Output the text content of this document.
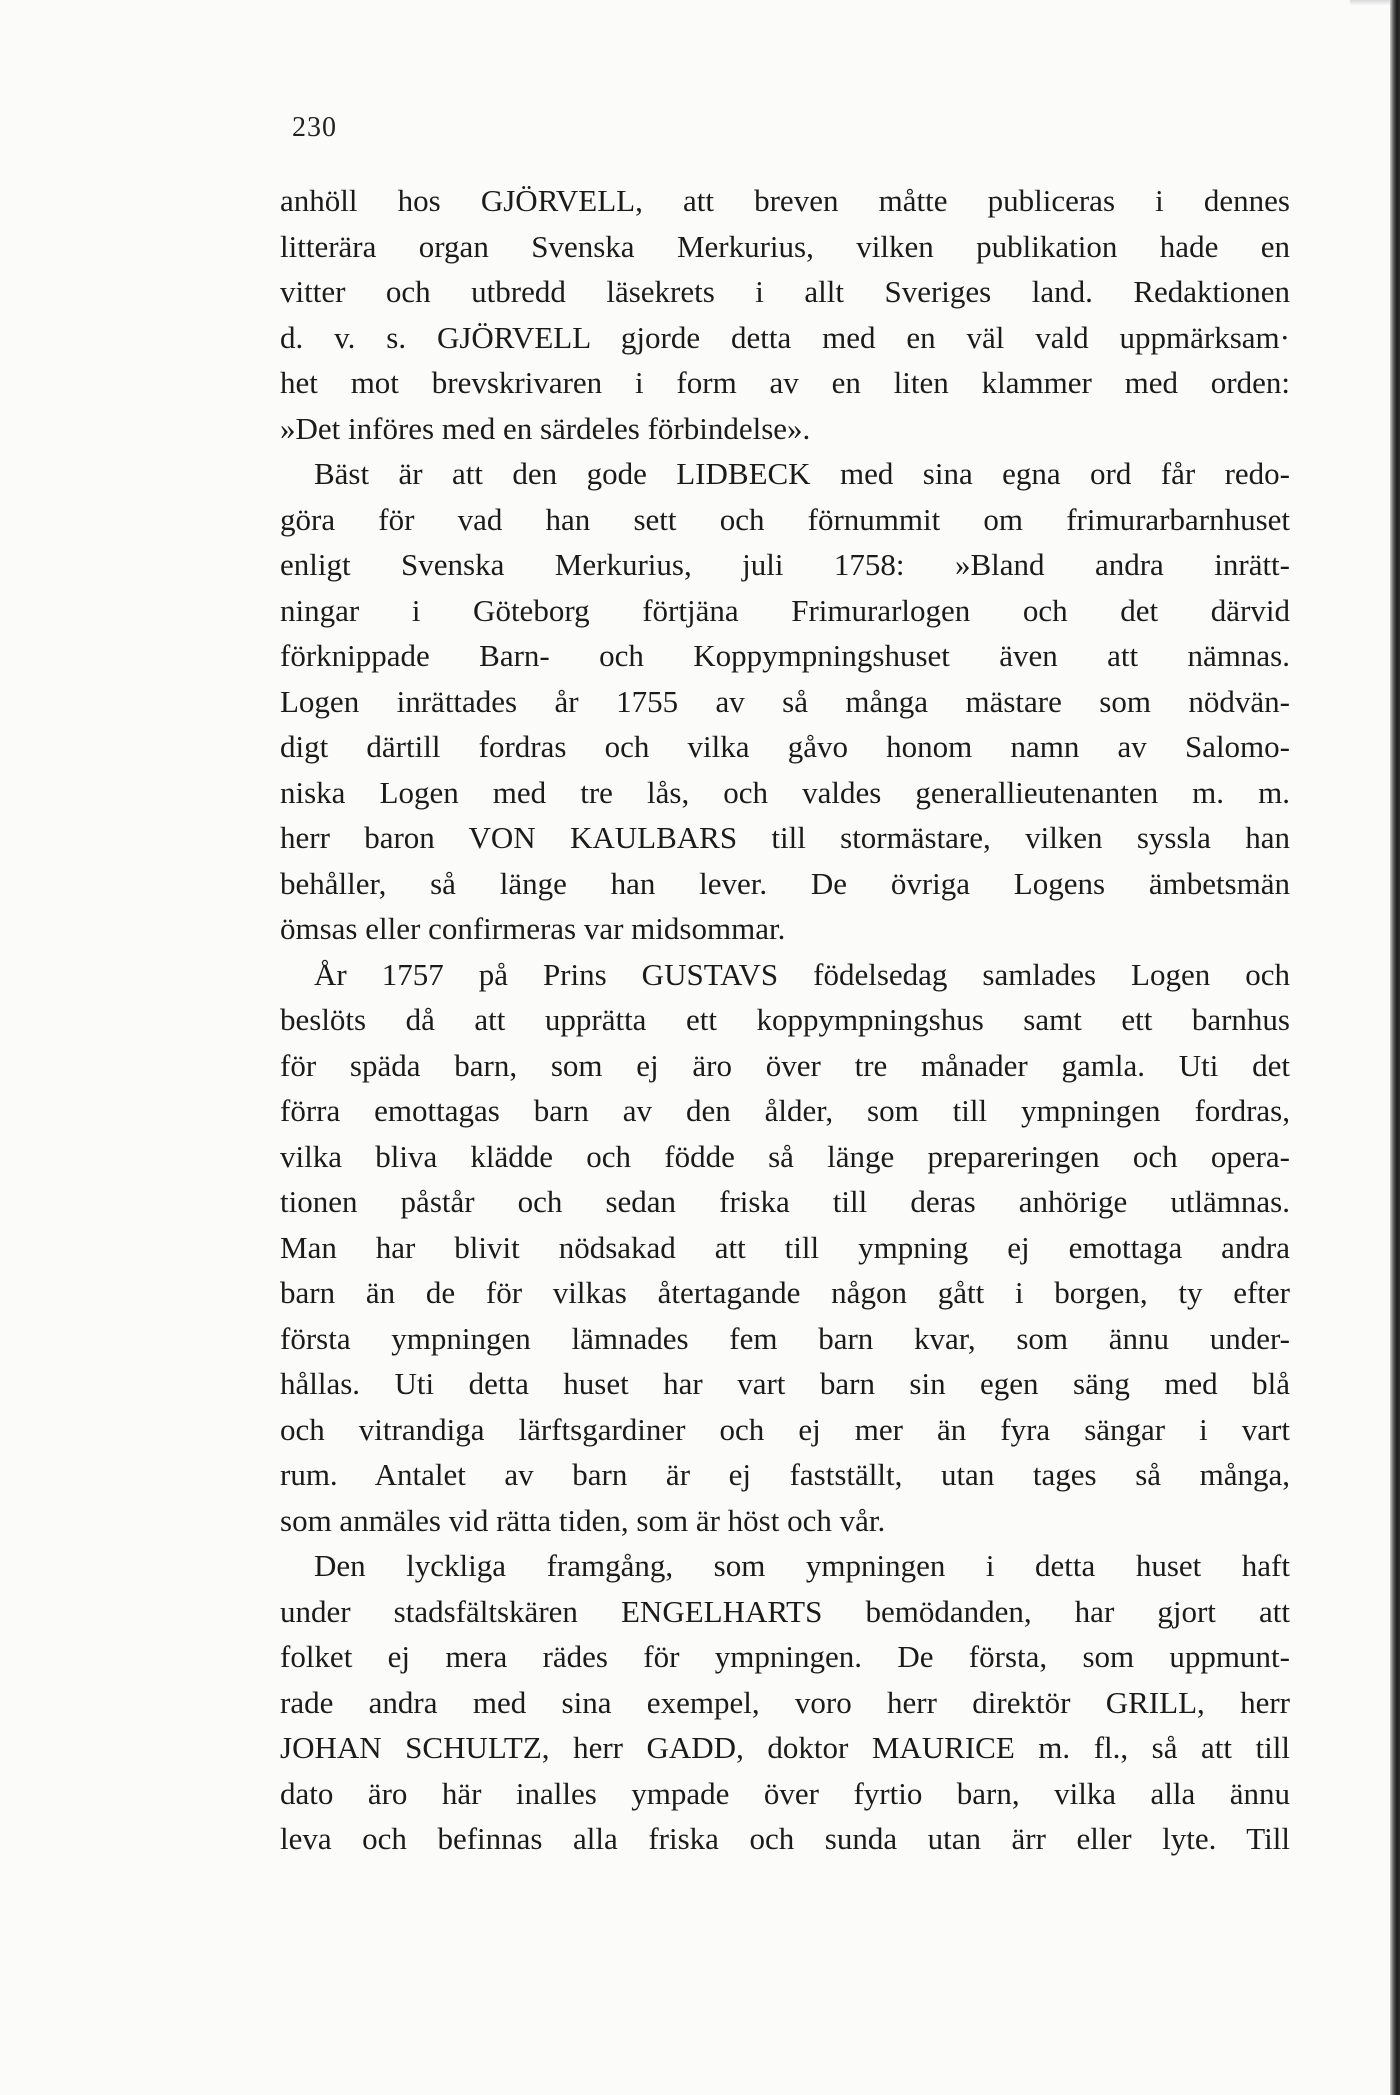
230

anhöll hos GJÖRVELL, att breven måtte publiceras i dennes
litterära organ Svenska Merkurius, vilken publikation hade en
vitter och utbredd läsekrets i allt Sveriges land. Redaktionen
d. v. s. GJÖRVELL gjorde detta med en väl vald uppmärksam·
het mot brevskrivaren i form av en liten klammer med orden:
»Det införes med en särdeles förbindelse».
Bäst är att den gode LIDBECK med sina egna ord får redo-
göra för vad han sett och förnummit om frimurarbarnhuset
enligt Svenska Merkurius, juli 1758: »Bland andra inrätt-
ningar i Göteborg förtjäna Frimurarlogen och det därvid
förknippade Barn- och Koppympningshuset även att nämnas.
Logen inrättades år 1755 av så många mästare som nödvän-
digt därtill fordras och vilka gåvo honom namn av Salomo-
niska Logen med tre lås, och valdes generallieutenanten m. m.
herr baron VON KAULBARS till stormästare, vilken syssla han
behåller, så länge han lever. De övriga Logens ämbetsmän
ömsas eller confirmeras var midsommar.
År 1757 på Prins GUSTAVS födelsedag samlades Logen och
beslöts då att upprätta ett koppympningshus samt ett barnhus
för späda barn, som ej äro över tre månader gamla. Uti det
förra emottagas barn av den ålder, som till ympningen fordras,
vilka bliva klädde och födde så länge prepareringen och opera-
tionen påstår och sedan friska till deras anhörige utlämnas.
Man har blivit nödsakad att till ympning ej emottaga andra
barn än de för vilkas återtagande någon gått i borgen, ty efter
första ympningen lämnades fem barn kvar, som ännu under-
hållas. Uti detta huset har vart barn sin egen säng med blå
och vitrandiga lärftsgardiner och ej mer än fyra sängar i vart
rum. Antalet av barn är ej fastställt, utan tages så många,
som anmäles vid rätta tiden, som är höst och vår.
Den lyckliga framgång, som ympningen i detta huset haft
under stadsfältskären ENGELHARTS bemödanden, har gjort att
folket ej mera rädes för ympningen. De första, som uppmunt-
rade andra med sina exempel, voro herr direktör GRILL, herr
JOHAN SCHULTZ, herr GADD, doktor MAURICE m. fl., så att till
dato äro här inalles ympade över fyrtio barn, vilka alla ännu
leva och befinnas alla friska och sunda utan ärr eller lyte. Till
